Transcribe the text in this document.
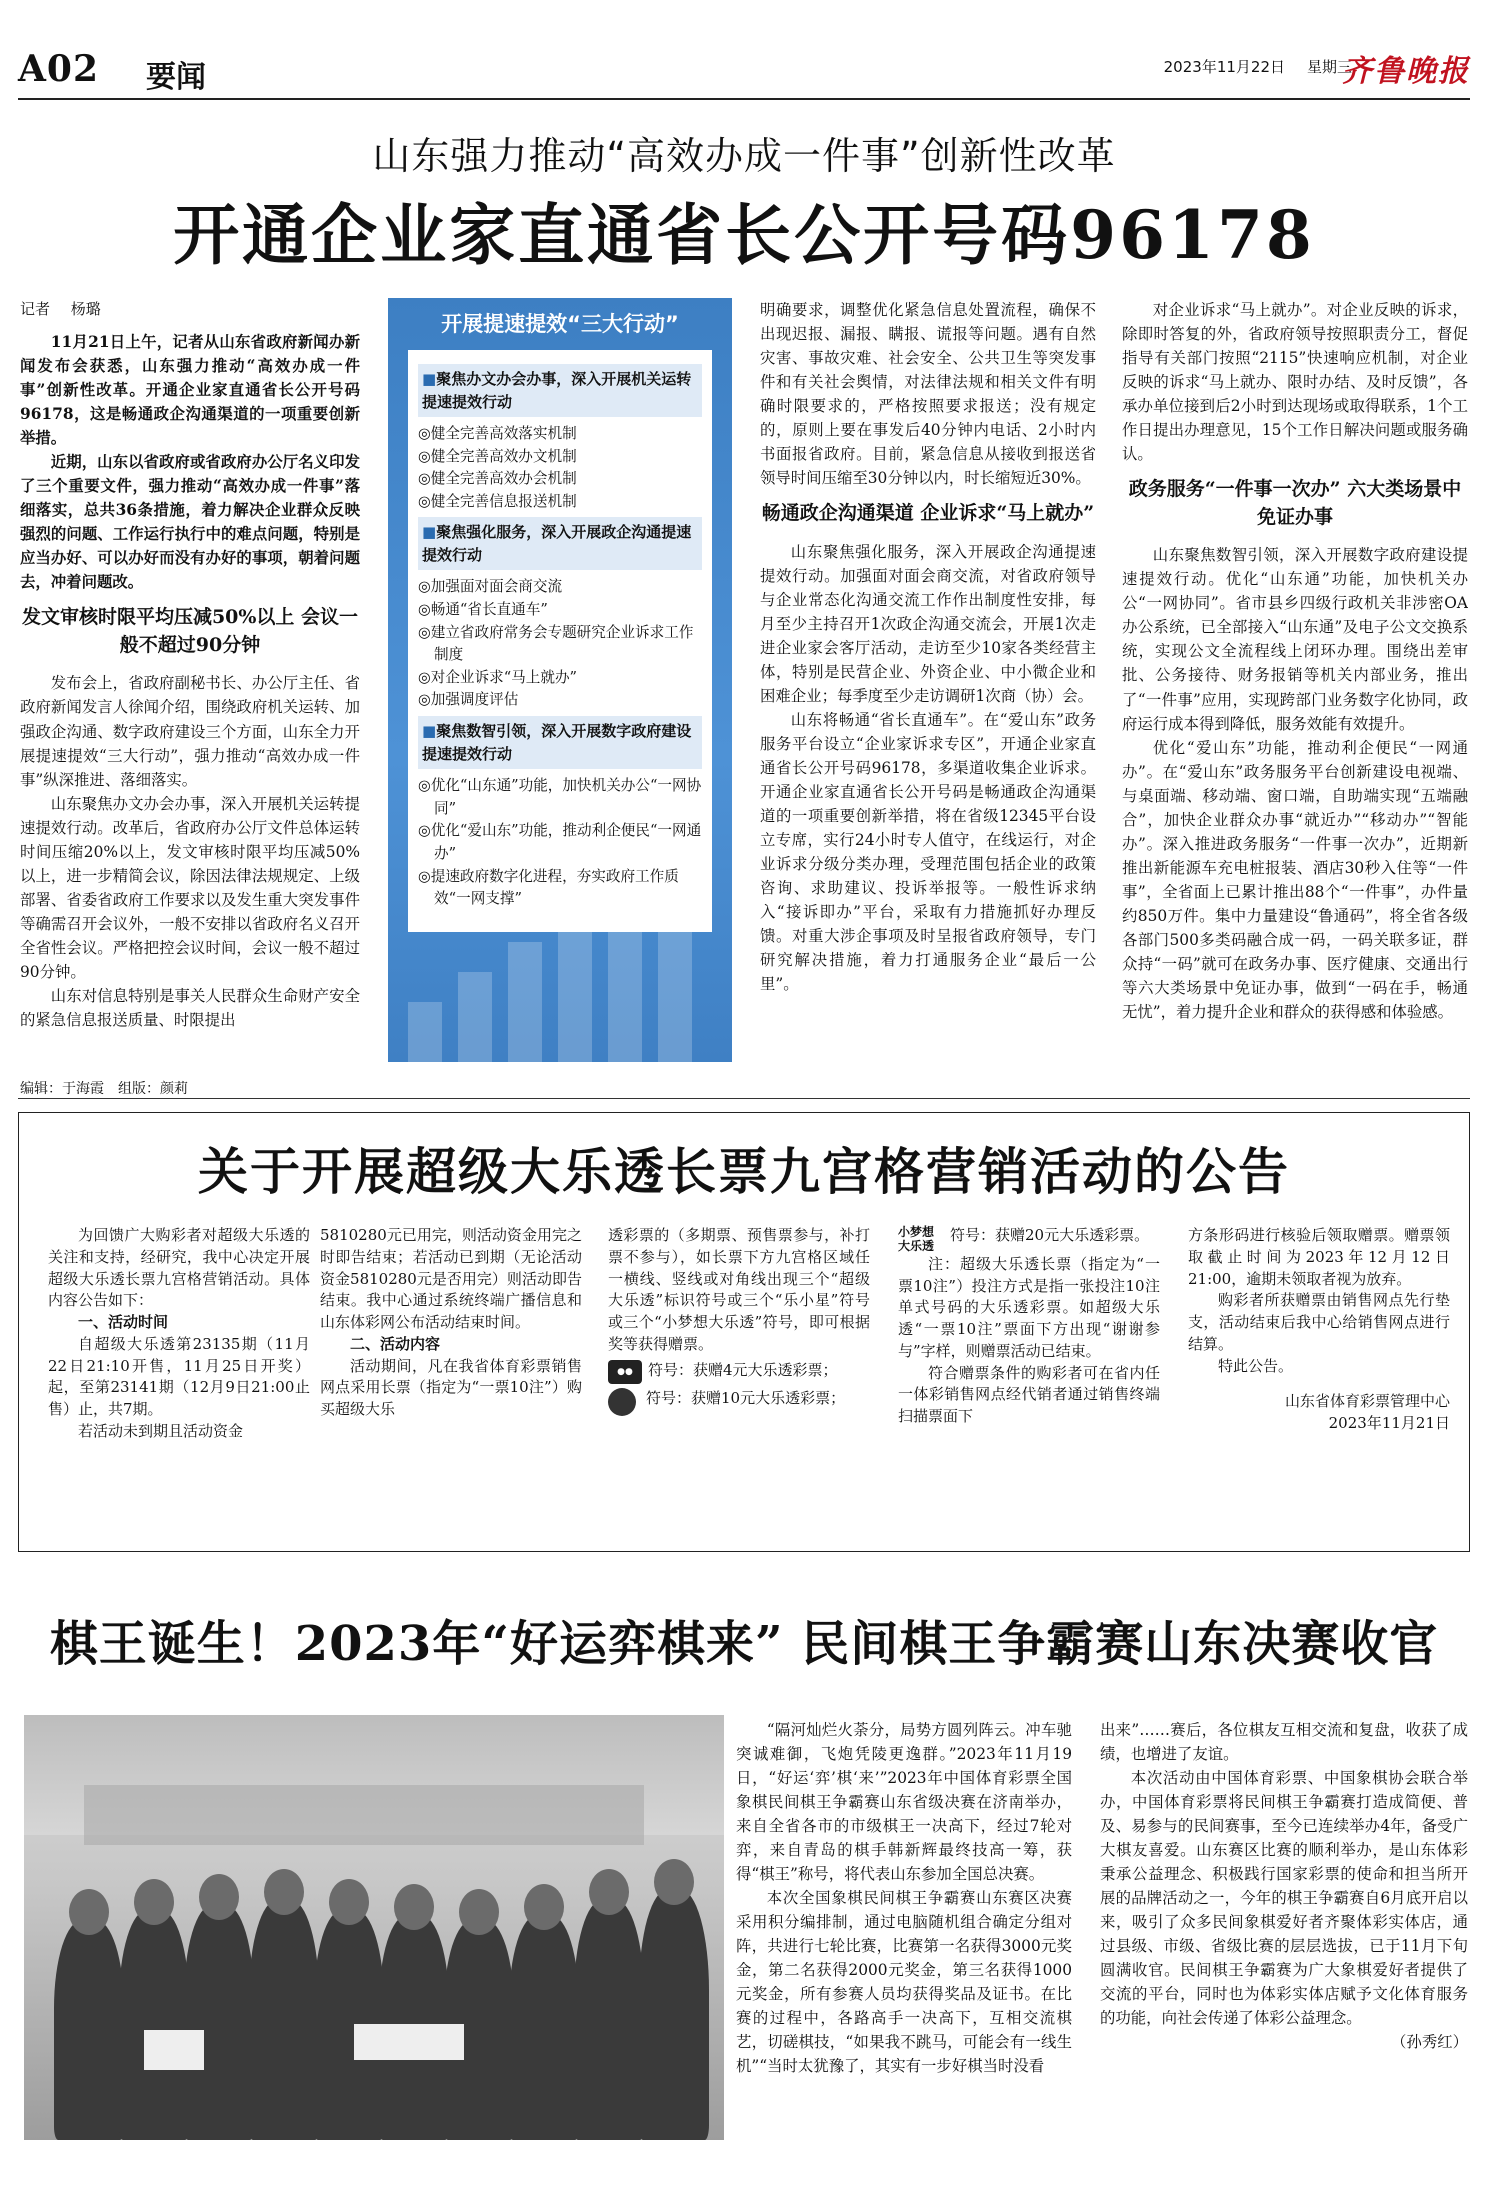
A02 要闻	2023年11月22日 星期三
齐鲁晚报
山东强力推动“高效办成一件事”创新性改革
开通企业家直通省长公开号码96178
记者 杨璐

11月21日上午，记者从山东省政府新闻办新闻发布会获悉，山东强力推动“高效办成一件事”创新性改革。开通企业家直通省长公开号码96178，这是畅通政企沟通渠道的一项重要创新举措。

近期，山东以省政府或省政府办公厅名义印发了三个重要文件，强力推动“高效办成一件事”落细落实，总共36条措施，着力解决企业群众反映强烈的问题、工作运行执行中的难点问题，特别是应当办好、可以办好而没有办好的事项，朝着问题去，冲着问题改。

发文审核时限平均压减50%以上 会议一般不超过90分钟

发布会上，省政府副秘书长、办公厅主任、省政府新闻发言人徐闻介绍，围绕政府机关运转、加强政企沟通、数字政府建设三个方面，山东全力开展提速提效“三大行动”，强力推动“高效办成一件事”纵深推进、落细落实。

山东聚焦办文办会办事，深入开展机关运转提速提效行动。改革后，省政府办公厅文件总体运转时间压缩20%以上，发文审核时限平均压减50%以上，进一步精简会议，除因法律法规规定、上级部署、省委省政府工作要求以及发生重大突发事件等确需召开会议外，一般不安排以省政府名义召开全省性会议。严格把控会议时间，会议一般不超过90分钟。

山东对信息特别是事关人民群众生命财产安全的紧急信息报送质量、时限提出

开展提速提效“三大行动”
■聚焦办文办会办事，深入开展机关运转提速提效行动
◎健全完善高效落实机制
◎健全完善高效办文机制
◎健全完善高效办会机制
◎健全完善信息报送机制
■聚焦强化服务，深入开展政企沟通提速提效行动
◎加强面对面会商交流
◎畅通“省长直通车”
◎建立省政府常务会专题研究企业诉求工作制度
◎对企业诉求“马上就办”
◎加强调度评估
■聚焦数智引领，深入开展数字政府建设提速提效行动
◎优化“山东通”功能，加快机关办公“一网协同”
◎优化“爱山东”功能，推动利企便民“一网通办”
◎提速政府数字化进程，夯实政府工作质效“一网支撑”

明确要求，调整优化紧急信息处置流程，确保不出现迟报、漏报、瞒报、谎报等问题。遇有自然灾害、事故灾难、社会安全、公共卫生等突发事件和有关社会舆情，对法律法规和相关文件有明确时限要求的，严格按照要求报送；没有规定的，原则上要在事发后40分钟内电话、2小时内书面报省政府。目前，紧急信息从接收到报送省领导时间压缩至30分钟以内，时长缩短近30%。

畅通政企沟通渠道 企业诉求“马上就办”

山东聚焦强化服务，深入开展政企沟通提速提效行动。加强面对面会商交流，对省政府领导与企业常态化沟通交流工作作出制度性安排，每月至少主持召开1次政企沟通交流会，开展1次走进企业家会客厅活动，走访至少10家各类经营主体，特别是民营企业、外资企业、中小微企业和困难企业；每季度至少走访调研1次商（协）会。

山东将畅通“省长直通车”。在“爱山东”政务服务平台设立“企业家诉求专区”，开通企业家直通省长公开号码96178，多渠道收集企业诉求。开通企业家直通省长公开号码是畅通政企沟通渠道的一项重要创新举措，将在省级12345平台设立专席，实行24小时专人值守，在线运行，对企业诉求分级分类办理，受理范围包括企业的政策咨询、求助建议、投诉举报等。一般性诉求纳入“接诉即办”平台，采取有力措施抓好办理反馈。对重大涉企事项及时呈报省政府领导，专门研究解决措施，着力打通服务企业“最后一公里”。

对企业诉求“马上就办”。对企业反映的诉求，除即时答复的外，省政府领导按照职责分工，督促指导有关部门按照“2115”快速响应机制，对企业反映的诉求“马上就办、限时办结、及时反馈”，各承办单位接到后2小时到达现场或取得联系，1个工作日提出办理意见，15个工作日解决问题或服务确认。

政务服务“一件事一次办” 六大类场景中免证办事

山东聚焦数智引领，深入开展数字政府建设提速提效行动。优化“山东通”功能，加快机关办公“一网协同”。省市县乡四级行政机关非涉密OA办公系统，已全部接入“山东通”及电子公文交换系统，实现公文全流程线上闭环办理。围绕出差审批、公务接待、财务报销等机关内部业务，推出了“一件事”应用，实现跨部门业务数字化协同，政府运行成本得到降低，服务效能有效提升。

优化“爱山东”功能，推动利企便民“一网通办”。在“爱山东”政务服务平台创新建设电视端、与桌面端、移动端、窗口端，自助端实现“五端融合”，加快企业群众办事“就近办”“移动办”“智能办”。深入推进政务服务“一件事一次办”，近期新推出新能源车充电桩报装、酒店30秒入住等“一件事”，全省面上已累计推出88个“一件事”，办件量约850万件。集中力量建设“鲁通码”，将全省各级各部门500多类码融合成一码，一码关联多证，群众持“一码”就可在政务办事、医疗健康、交通出行等六大类场景中免证办事，做到“一码在手，畅通无忧”，着力提升企业和群众的获得感和体验感。

编辑：于海霞　组版：颜莉
关于开展超级大乐透长票九宫格营销活动的公告

为回馈广大购彩者对超级大乐透的关注和支持，经研究，我中心决定开展超级大乐透长票九宫格营销活动。具体内容公告如下：

一、活动时间

自超级大乐透第23135期（11月22日21:10开售，11月25日开奖）起，至第23141期（12月9日21:00止售）止，共7期。

若活动未到期且活动资金

5810280元已用完，则活动资金用完之时即告结束；若活动已到期（无论活动资金5810280元是否用完）则活动即告结束。我中心通过系统终端广播信息和山东体彩网公布活动结束时间。

二、活动内容

活动期间，凡在我省体育彩票销售网点采用长票（指定为“一票10注”）购买超级大乐

透彩票的（多期票、预售票参与，补打票不参与），如长票下方九宫格区域任一横线、竖线或对角线出现三个“超级大乐透”标识符号或三个“乐小星”符号或三个“小梦想大乐透”符号，即可根据奖等获得赠票。

●●	符号：获赠4元大乐透彩票；
符号：获赠10元大乐透彩票；
小梦想大乐透
符号：获赠20元大乐透彩票。

注：超级大乐透长票（指定为“一票10注”）投注方式是指一张投注10注单式号码的大乐透彩票。如超级大乐透“一票10注”票面下方出现“谢谢参与”字样，则赠票活动已结束。

符合赠票条件的购彩者可在省内任一体彩销售网点经代销者通过销售终端扫描票面下

方条形码进行核验后领取赠票。赠票领取截止时间为2023年12月12日21:00，逾期未领取者视为放弃。

购彩者所获赠票由销售网点先行垫支，活动结束后我中心给销售网点进行结算。

特此公告。

山东省体育彩票管理中心
2023年11月21日
棋王诞生！2023年“好运弈棋来” 民间棋王争霸赛山东决赛收官

“隔河灿烂火荼分，局势方圆列阵云。冲车驰突诚难御，飞炮凭陵更逸群。”2023年11月19日，“好运‘弈’棋‘来’”2023年中国体育彩票全国象棋民间棋王争霸赛山东省级决赛在济南举办，来自全省各市的市级棋王一决高下，经过7轮对弈，来自青岛的棋手韩新辉最终技高一筹，获得“棋王”称号，将代表山东参加全国总决赛。

本次全国象棋民间棋王争霸赛山东赛区决赛采用积分编排制，通过电脑随机组合确定分组对阵，共进行七轮比赛，比赛第一名获得3000元奖金，第二名获得2000元奖金，第三名获得1000元奖金，所有参赛人员均获得奖品及证书。在比赛的过程中，各路高手一决高下，互相交流棋艺，切磋棋技，“如果我不跳马，可能会有一线生机”“当时太犹豫了，其实有一步好棋当时没看

出来”……赛后，各位棋友互相交流和复盘，收获了成绩，也增进了友谊。

本次活动由中国体育彩票、中国象棋协会联合举办，中国体育彩票将民间棋王争霸赛打造成简便、普及、易参与的民间赛事，至今已连续举办4年，备受广大棋友喜爱。山东赛区比赛的顺利举办，是山东体彩秉承公益理念、积极践行国家彩票的使命和担当所开展的品牌活动之一，今年的棋王争霸赛自6月底开启以来，吸引了众多民间象棋爱好者齐聚体彩实体店，通过县级、市级、省级比赛的层层选拔，已于11月下旬圆满收官。民间棋王争霸赛为广大象棋爱好者提供了交流的平台，同时也为体彩实体店赋予文化体育服务的功能，向社会传递了体彩公益理念。

（孙秀红）
